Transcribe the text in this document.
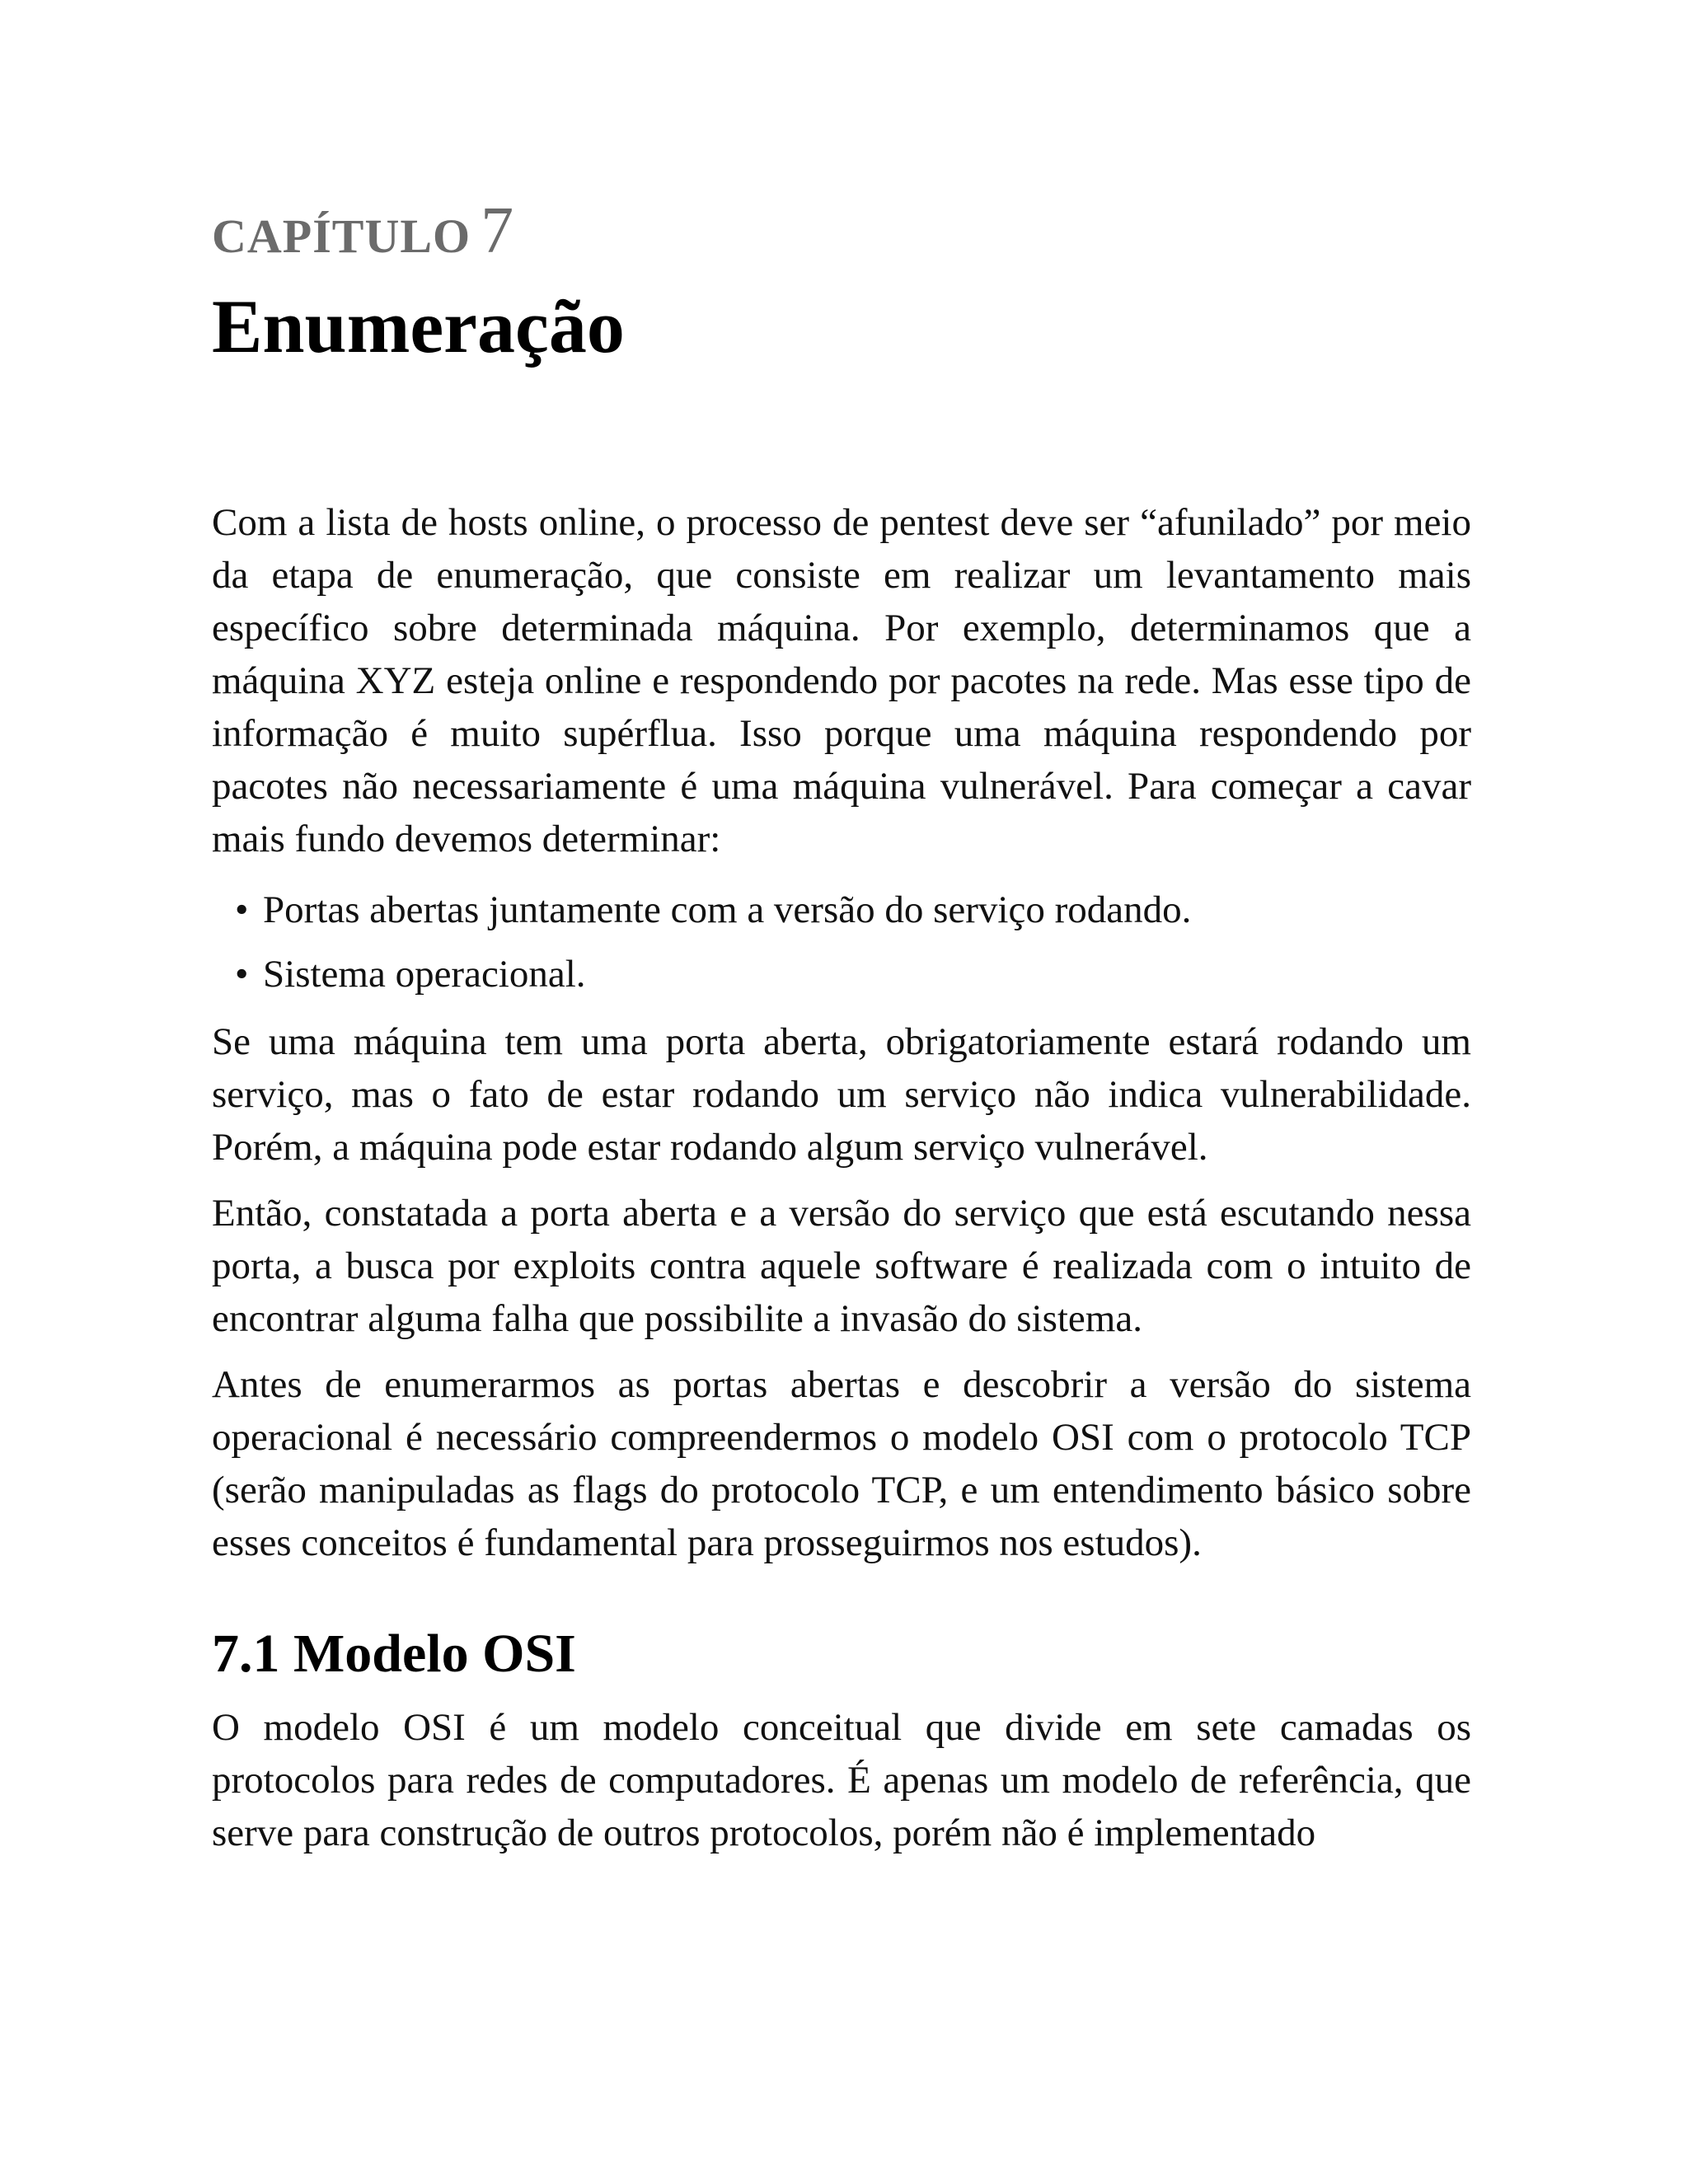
CAPÍTULO 7
Enumeração

Com a lista de hosts online, o processo de pentest deve ser “afunilado” por meio da etapa de enumeração, que consiste em realizar um levantamento mais específico sobre determinada máquina. Por exemplo, determinamos que a máquina XYZ esteja online e respondendo por pacotes na rede. Mas esse tipo de informação é muito supérflua. Isso porque uma máquina respondendo por pacotes não necessariamente é uma máquina vulnerável. Para começar a cavar mais fundo devemos determinar:

• Portas abertas juntamente com a versão do serviço rodando.
• Sistema operacional.

Se uma máquina tem uma porta aberta, obrigatoriamente estará rodando um serviço, mas o fato de estar rodando um serviço não indica vulnerabilidade. Porém, a máquina pode estar rodando algum serviço vulnerável.

Então, constatada a porta aberta e a versão do serviço que está escutando nessa porta, a busca por exploits contra aquele software é realizada com o intuito de encontrar alguma falha que possibilite a invasão do sistema.

Antes de enumerarmos as portas abertas e descobrir a versão do sistema operacional é necessário compreendermos o modelo OSI com o protocolo TCP (serão manipuladas as flags do protocolo TCP, e um entendimento básico sobre esses conceitos é fundamental para prosseguirmos nos estudos).

7.1 Modelo OSI

O modelo OSI é um modelo conceitual que divide em sete camadas os protocolos para redes de computadores. É apenas um modelo de referência, que serve para construção de outros protocolos, porém não é implementado
